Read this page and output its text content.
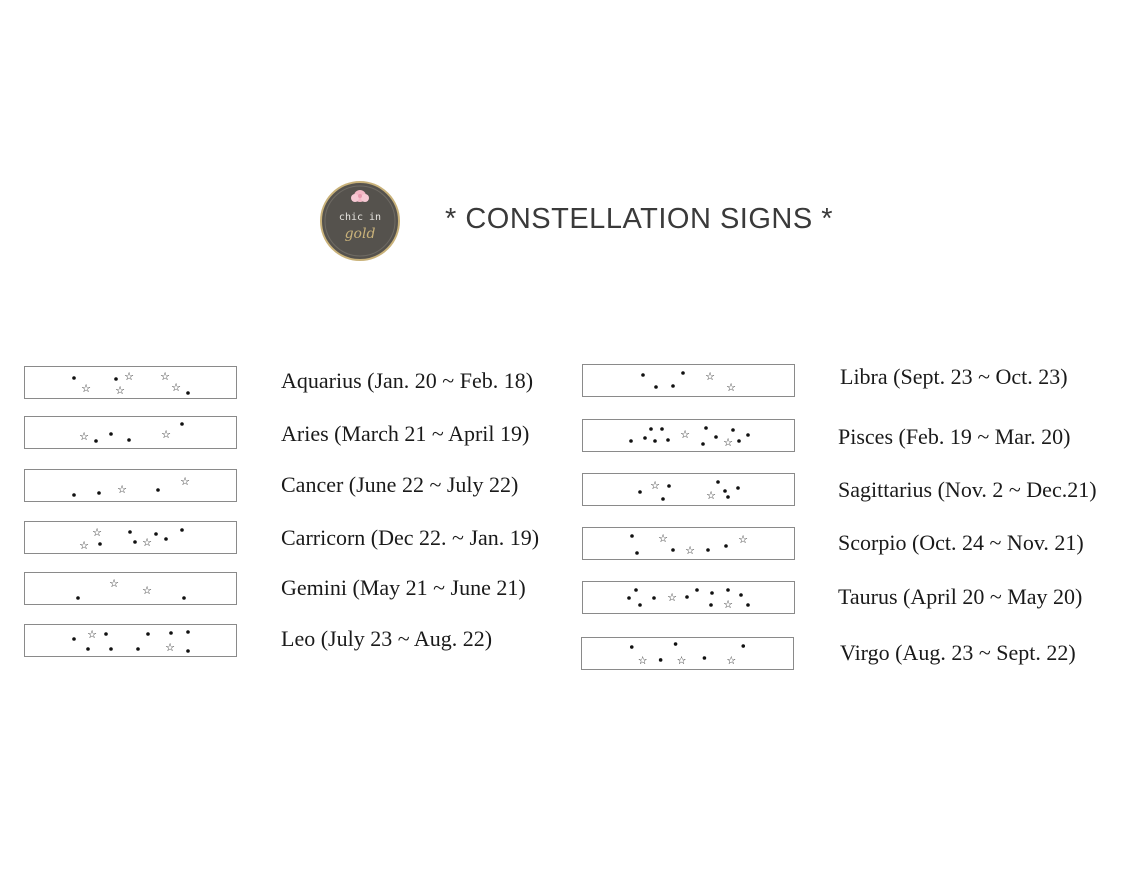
chic in
gold * CONSTELLATION SIGNS *
☆
☆
☆
☆
☆	Aquarius (Jan. 20 ~ Feb. 18)
☆	☆	Aries (March 21 ~ April 19)
☆
☆	Cancer (June 22 ~ July 22)
☆
☆	☆	Carricorn (Dec 22. ~ Jan. 19)
☆
☆	Gemini (May 21 ~ June 21)
☆
☆	Leo (July 23 ~ Aug. 22)
☆
☆	Libra (Sept. 23 ~ Oct. 23)
☆
☆	Pisces (Feb. 19 ~ Mar. 20)
☆
☆	Sagittarius (Nov. 2 ~ Dec.21)
☆
☆
☆	Scorpio (Oct. 24 ~ Nov. 21)
☆
☆	Taurus (April 20 ~ May 20)
☆	☆	☆	Virgo (Aug. 23 ~ Sept. 22)
